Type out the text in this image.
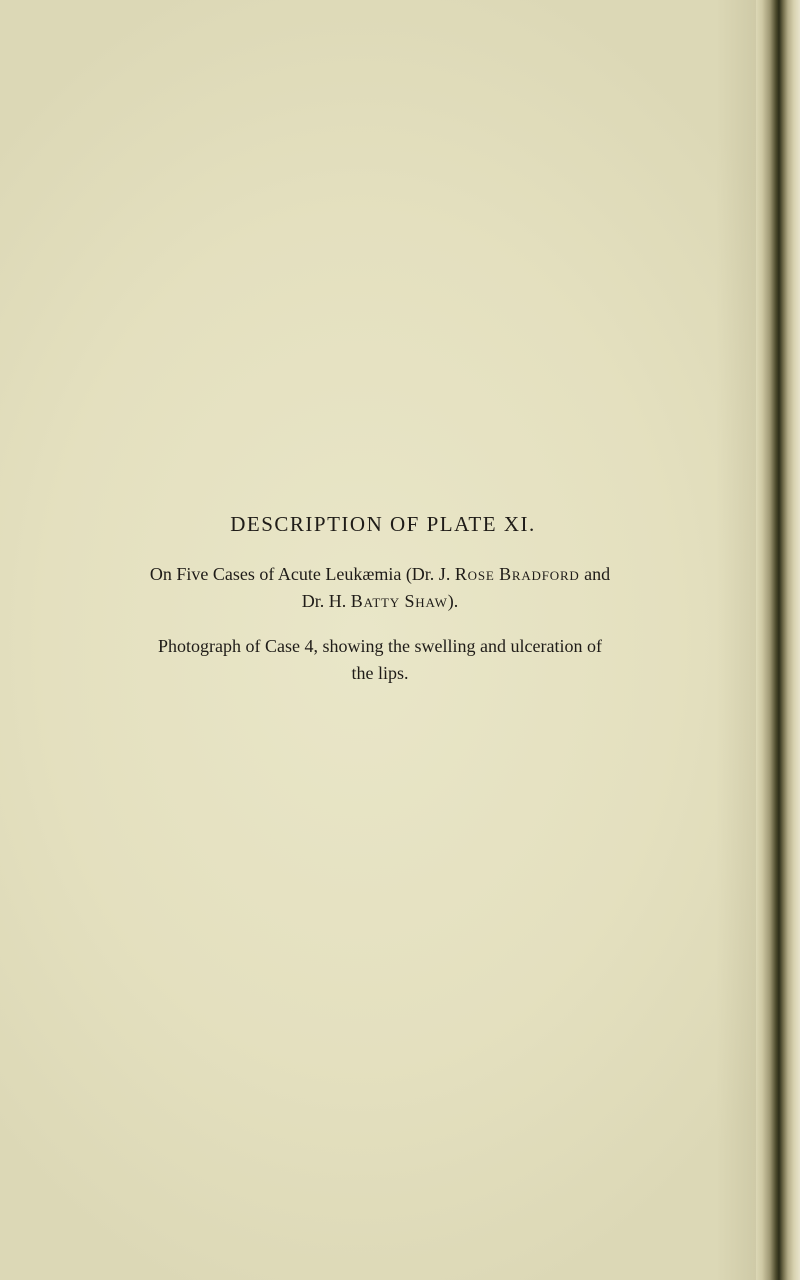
DESCRIPTION OF PLATE XI.

On Five Cases of Acute Leukæmia (Dr. J. Rose Bradford and
Dr. H. Batty Shaw).

Photograph of Case 4, showing the swelling and ulceration of
the lips.
